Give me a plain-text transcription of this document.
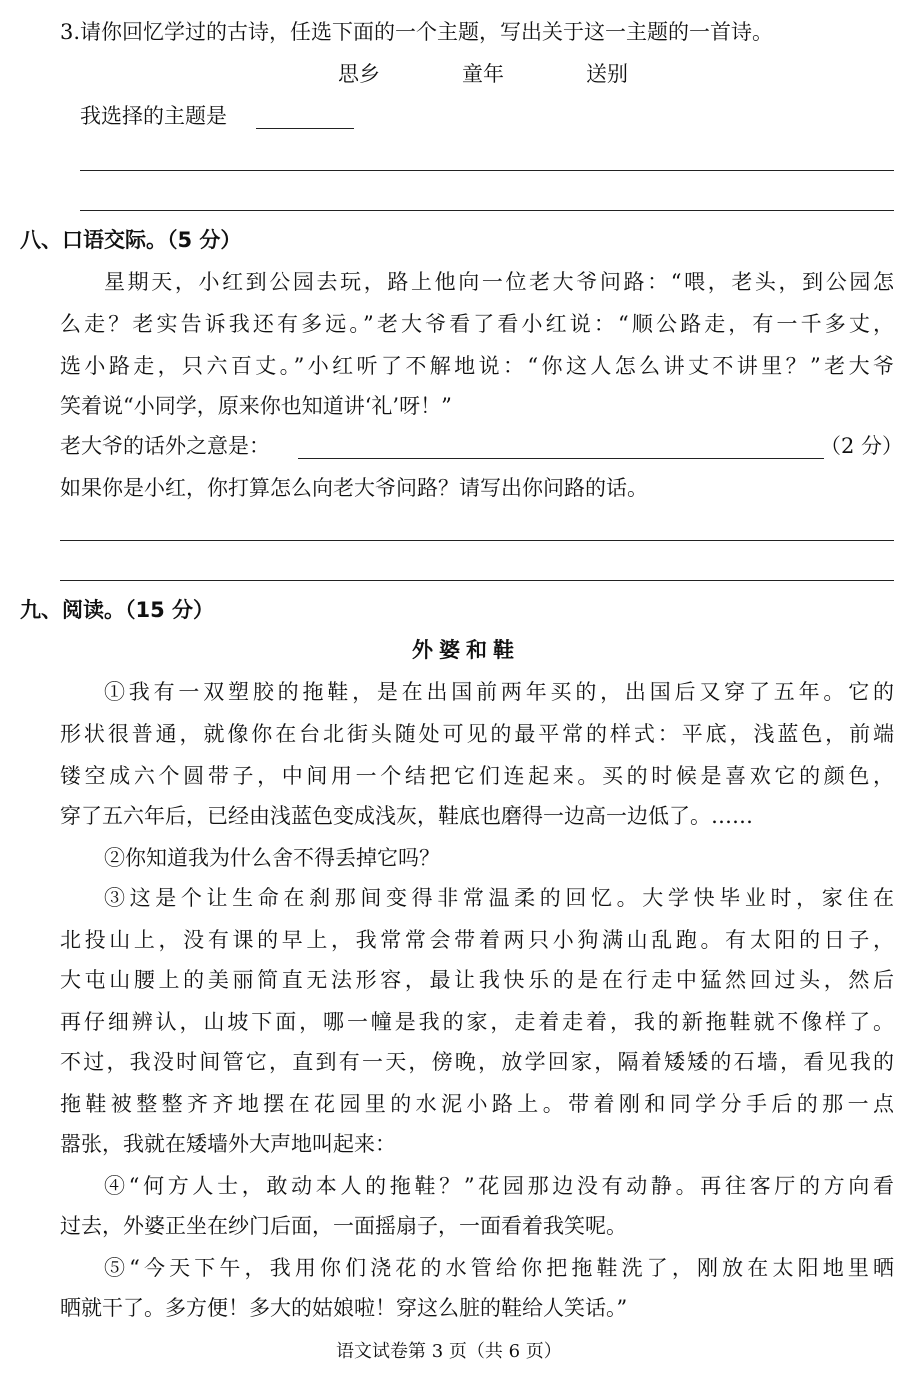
3.请你回忆学过的古诗，任选下面的一个主题，写出关于这一主题的一首诗。
思乡	童年	送别
我选择的主题是
八、口语交际。（5 分）
星期天，小红到公园去玩，路上他向一位老大爷问路：“喂，老头，到公园怎
么走？老实告诉我还有多远。”老大爷看了看小红说：“顺公路走，有一千多丈，
选小路走，只六百丈。”小红听了不解地说：“你这人怎么讲丈不讲里？”老大爷
笑着说“小同学，原来你也知道讲‘礼’呀！”
老大爷的话外之意是：	（2 分）
如果你是小红，你打算怎么向老大爷问路？请写出你问路的话。
九、阅读。（15 分）
外婆和鞋
①我有一双塑胶的拖鞋，是在出国前两年买的，出国后又穿了五年。它的
形状很普通，就像你在台北街头随处可见的最平常的样式：平底，浅蓝色，前端
镂空成六个圆带子，中间用一个结把它们连起来。买的时候是喜欢它的颜色，
穿了五六年后，已经由浅蓝色变成浅灰，鞋底也磨得一边高一边低了。……
②你知道我为什么舍不得丢掉它吗？
③这是个让生命在刹那间变得非常温柔的回忆。大学快毕业时，家住在
北投山上，没有课的早上，我常常会带着两只小狗满山乱跑。有太阳的日子，
大屯山腰上的美丽简直无法形容，最让我快乐的是在行走中猛然回过头，然后
再仔细辨认，山坡下面，哪一幢是我的家，走着走着，我的新拖鞋就不像样了。
不过，我没时间管它，直到有一天，傍晚，放学回家，隔着矮矮的石墙，看见我的
拖鞋被整整齐齐地摆在花园里的水泥小路上。带着刚和同学分手后的那一点
嚣张，我就在矮墙外大声地叫起来：
④“何方人士，敢动本人的拖鞋？”花园那边没有动静。再往客厅的方向看
过去，外婆正坐在纱门后面，一面摇扇子，一面看着我笑呢。
⑤“今天下午，我用你们浇花的水管给你把拖鞋洗了，刚放在太阳地里晒
晒就干了。多方便！多大的姑娘啦！穿这么脏的鞋给人笑话。”
语文试卷第 3 页（共 6 页）
